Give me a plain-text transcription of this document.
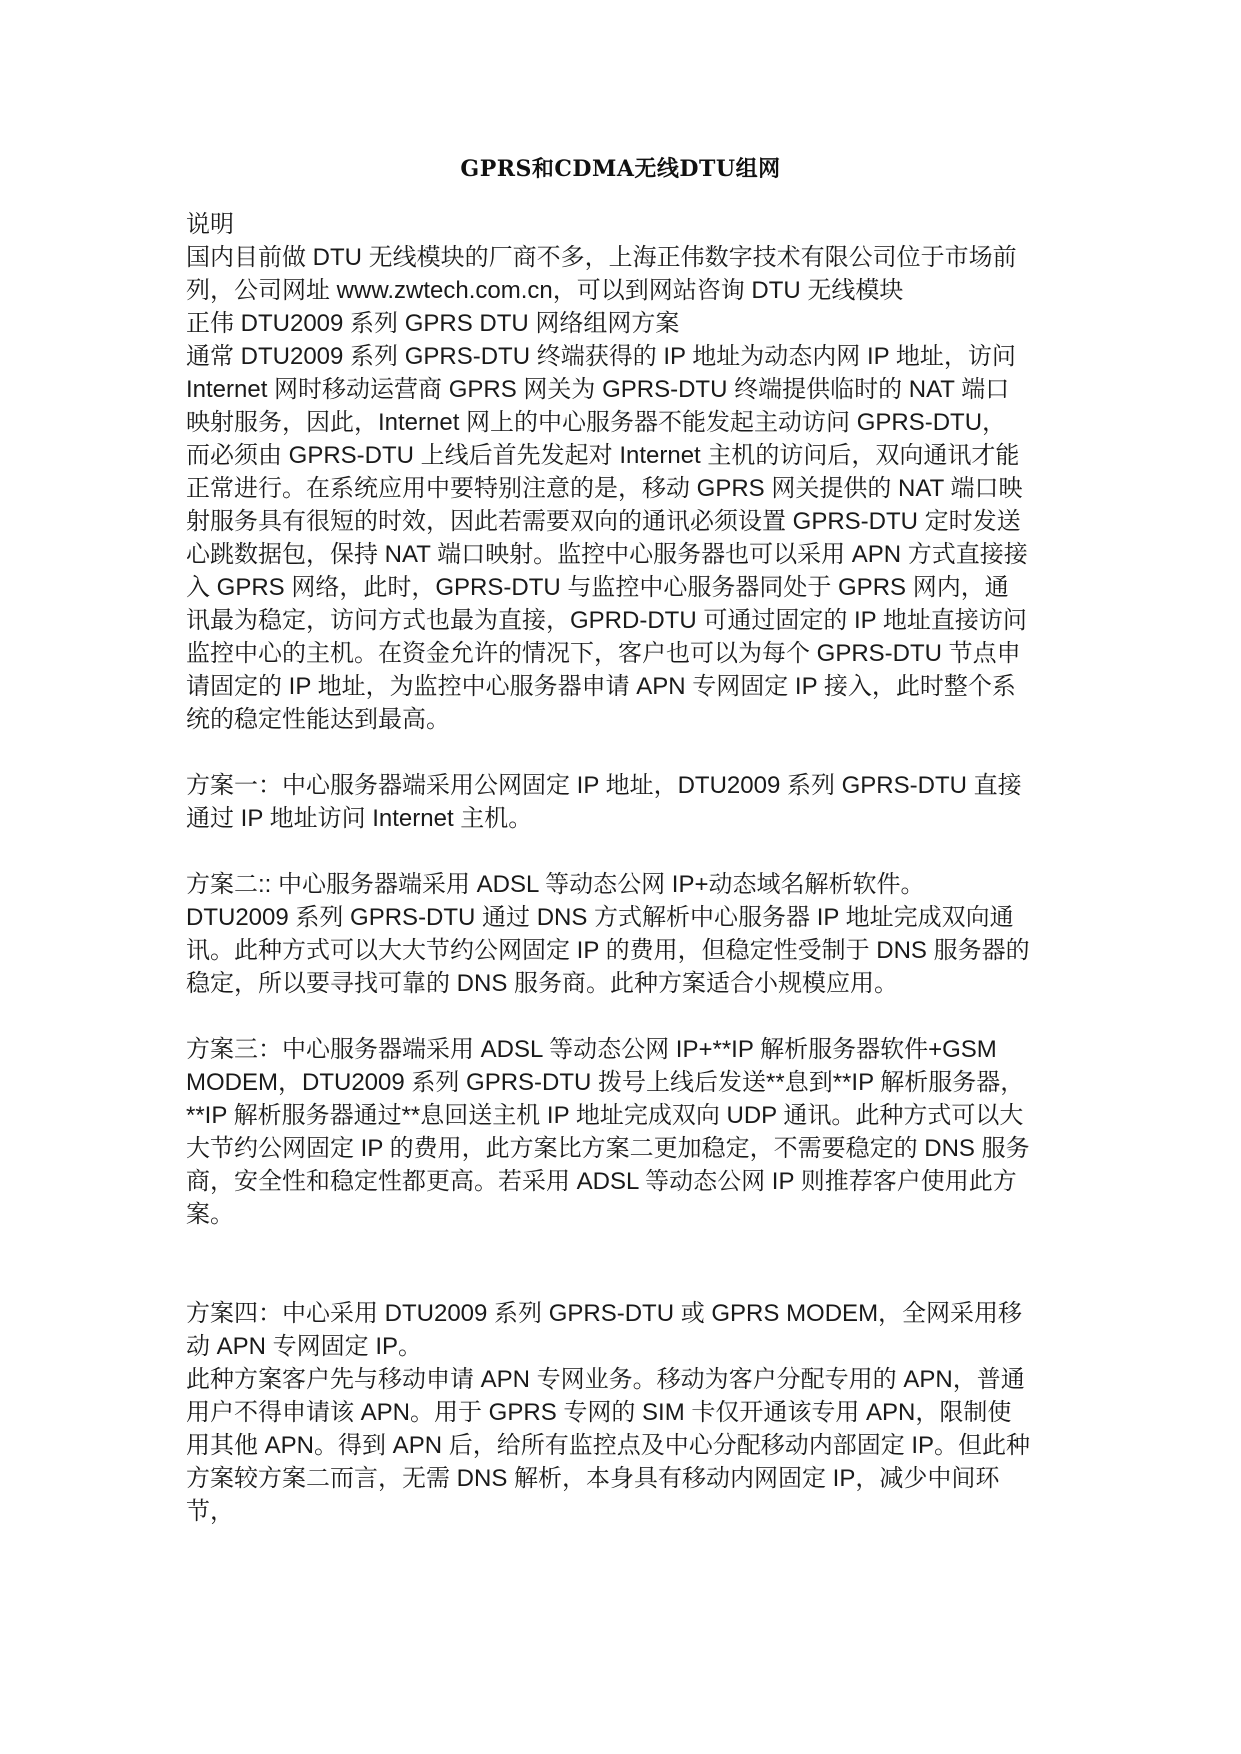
GPRS和CDMA无线DTU组网

说明

国内目前做 DTU 无线模块的厂商不多，上海正伟数字技术有限公司位于市场前

列，公司网址 www.zwtech.com.cn，可以到网站咨询 DTU 无线模块

正伟 DTU2009 系列 GPRS DTU 网络组网方案

通常 DTU2009 系列 GPRS-DTU 终端获得的 IP 地址为动态内网 IP 地址，访问

Internet 网时移动运营商 GPRS 网关为 GPRS-DTU 终端提供临时的 NAT 端口

映射服务，因此，Internet 网上的中心服务器不能发起主动访问 GPRS-DTU，

而必须由 GPRS-DTU 上线后首先发起对 Internet 主机的访问后，双向通讯才能

正常进行。在系统应用中要特别注意的是，移动 GPRS 网关提供的 NAT 端口映

射服务具有很短的时效，因此若需要双向的通讯必须设置 GPRS-DTU 定时发送

心跳数据包，保持 NAT 端口映射。监控中心服务器也可以采用 APN 方式直接接

入 GPRS 网络，此时，GPRS-DTU 与监控中心服务器同处于 GPRS 网内，通

讯最为稳定，访问方式也最为直接，GPRD-DTU 可通过固定的 IP 地址直接访问

监控中心的主机。在资金允许的情况下，客户也可以为每个 GPRS-DTU 节点申

请固定的 IP 地址，为监控中心服务器申请 APN 专网固定 IP 接入，此时整个系

统的稳定性能达到最高。

方案一：中心服务器端采用公网固定 IP 地址，DTU2009 系列 GPRS-DTU 直接

通过 IP 地址访问 Internet 主机。

方案二:: 中心服务器端采用 ADSL 等动态公网 IP+动态域名解析软件。

DTU2009 系列 GPRS-DTU 通过 DNS 方式解析中心服务器 IP 地址完成双向通

讯。此种方式可以大大节约公网固定 IP 的费用，但稳定性受制于 DNS 服务器的

稳定，所以要寻找可靠的 DNS 服务商。此种方案适合小规模应用。

方案三：中心服务器端采用 ADSL 等动态公网 IP+**IP 解析服务器软件+GSM

MODEM，DTU2009 系列 GPRS-DTU 拨号上线后发送**息到**IP 解析服务器，

**IP 解析服务器通过**息回送主机 IP 地址完成双向 UDP 通讯。此种方式可以大

大节约公网固定 IP 的费用，此方案比方案二更加稳定，不需要稳定的 DNS 服务

商，安全性和稳定性都更高。若采用 ADSL 等动态公网 IP 则推荐客户使用此方

案。

方案四：中心采用 DTU2009 系列 GPRS-DTU 或 GPRS MODEM，全网采用移

动 APN 专网固定 IP。

此种方案客户先与移动申请 APN 专网业务。移动为客户分配专用的 APN，普通

用户不得申请该 APN。用于 GPRS 专网的 SIM 卡仅开通该专用 APN，限制使

用其他 APN。得到 APN 后，给所有监控点及中心分配移动内部固定 IP。但此种

方案较方案二而言，无需 DNS 解析，本身具有移动内网固定 IP，减少中间环节，
